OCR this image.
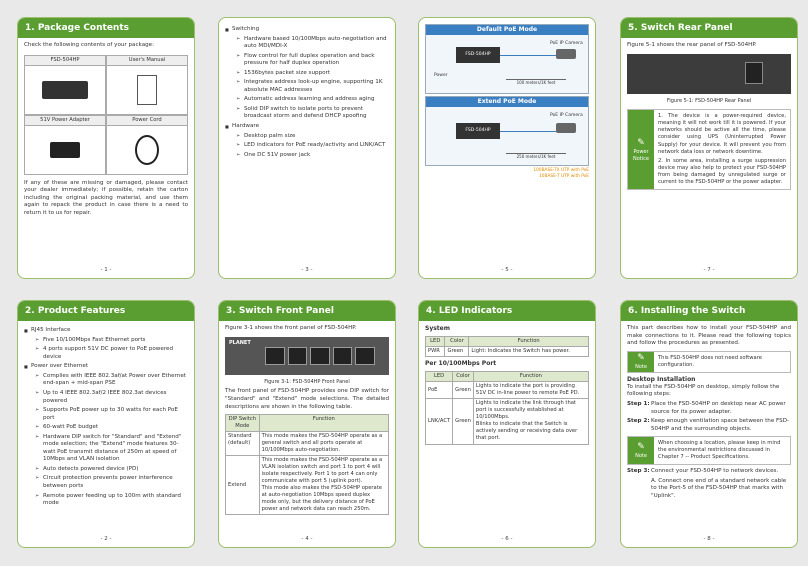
1. Package Contents
Check the following contents of your package:
FSD-504HP	User's Manual
51V Power Adapter	Power Cord
If any of these are missing or damaged, please contact your dealer immediately; if possible, retain the carton including the original packing material, and use them again to repack the product in case there is a need to return it to us for repair.
- 1 -
■ Switching
➢ Hardware based 10/100Mbps auto-negotiation and auto MDI/MDI-X
➢ Flow control for full duplex operation and back pressure for half duplex operation
➢ 1536bytes packet size support
➢ Integrates address look-up engine, supporting 1K absolute MAC addresses
➢ Automatic address learning and address aging
➢ Solid DIP switch to isolate ports to prevent broadcast storm and defend DHCP spoofing
■ Hardware
➢ Desktop palm size
➢ LED indicators for PoE ready/activity and LINK/ACT
➢ One DC 51V power jack
- 3 -
Default PoE Mode
FSD-504HP
Power
PoE IP Camera
100 meters/1K feet
Extend PoE Mode
FSD-504HP
PoE IP Camera
250 meters/1K feet
100BASE-TX UTP with PoE
10BASE-T UTP with PoE
- 5 -
5. Switch Rear Panel
Figure 5-1 shows the rear panel of FSD-504HP.
Figure 5-1: FSD-504HP Rear Panel
✎
Power Notice
1. The device is a power-required device, meaning it will not work till it is powered. If your networks should be active all the time, please consider using UPS (Uninterrupted Power Supply) for your device. It will prevent you from network data loss or network downtime.
2. In some area, installing a surge suppression device may also help to protect your FSD-504HP from being damaged by unregulated surge or current to the FSD-504HP or the power adapter.
- 7 -
2. Product Features
■ RJ45 Interface
➢ Five 10/100Mbps Fast Ethernet ports
➢ 4 ports support 51V DC power to PoE powered device
■ Power over Ethernet
➢ Complies with IEEE 802.3af/at Power over Ethernet end-span + mid-span PSE
➢ Up to 4 IEEE 802.3af/2 IEEE 802.3at devices powered
➢ Supports PoE power up to 30 watts for each PoE port
➢ 60-watt PoE budget
➢ Hardware DIP switch for "Standard" and "Extend" mode selection; the "Extend" mode features 30-watt PoE transmit distance of 250m at speed of 10Mbps and VLAN isolation
➢ Auto detects powered device (PD)
➢ Circuit protection prevents power interference between ports
➢ Remote power feeding up to 100m with standard mode
- 2 -
3. Switch Front Panel
Figure 3-1 shows the front panel of FSD-504HP.
PLANET
Figure 3-1: FSD-504HP Front Panel
The front panel of FSD-504HP provides one DIP switch for "Standard" and "Extend" mode selections. The detailed descriptions are shown in the following table.
DIP Switch Mode	Function
Standard (default)	This mode makes the FSD-504HP operate as a general switch and all ports operate at 10/100Mbps auto-negotiation.
Extend	This mode makes the FSD-504HP operate as a VLAN isolation switch and port 1 to port 4 will isolate respectively. Port 1 to port 4 can only communicate with port 5 (uplink port).
This mode also makes the FSD-504HP operate at auto-negotiation 10Mbps speed duplex mode only, but the delivery distance of PoE power and network data can reach 250m.
- 4 -
4. LED Indicators
System
LED	Color	Function
PWR	Green	Light: Indicates the Switch has power.
Per 10/100Mbps Port
LED	Color	Function
PoE	Green	Lights to indicate the port is providing 51V DC in-line power to remote PoE PD.
LNK/ACT	Green	Lights to indicate the link through that port is successfully established at 10/100Mbps.
Blinks to indicate that the Switch is actively sending or receiving data over that port.
- 6 -
6. Installing the Switch
This part describes how to install your FSD-504HP and make connections to it. Please read the following topics and follow the procedures as presented.
✎
Note
This FSD-504HP does not need software configuration.
Desktop Installation
To install the FSD-504HP on desktop, simply follow the following steps:
Step 1: Place the FSD-504HP on desktop near AC power source for its power adapter.
Step 2: Keep enough ventilation space between the FSD-504HP and the surrounding objects.
✎
Note
When choosing a location, please keep in mind the environmental restrictions discussed in Chapter 7 -- Product Specifications.
Step 3: Connect your FSD-504HP to network devices.
A. Connect one end of a standard network cable to the Port-5 of the FSD-504HP that marks with "Uplink".
- 8 -
